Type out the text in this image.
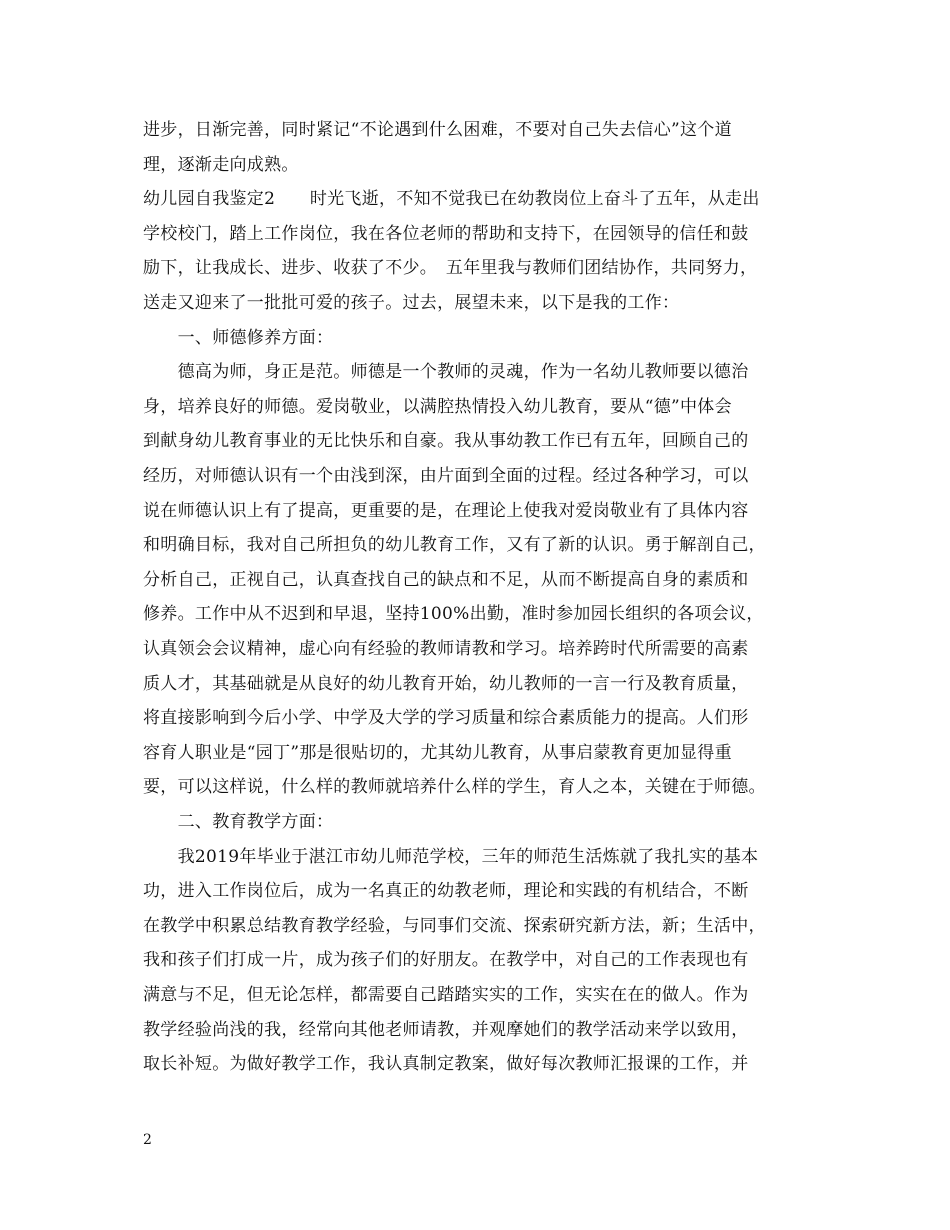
进步，日渐完善，同时紧记“不论遇到什么困难，不要对自己失去信心”这个道
理，逐渐走向成熟。
幼儿园自我鉴定2　　时光飞逝，不知不觉我已在幼教岗位上奋斗了五年，从走出
学校校门，踏上工作岗位，我在各位老师的帮助和支持下，在园领导的信任和鼓
励下，让我成长、进步、收获了不少。　五年里我与教师们团结协作，共同努力，
送走又迎来了一批批可爱的孩子。过去，展望未来，以下是我的工作：
　　一、师德修养方面：
　　德高为师，身正是范。师德是一个教师的灵魂，作为一名幼儿教师要以德治
身，培养良好的师德。爱岗敬业，以满腔热情投入幼儿教育，要从“德”中体会
到献身幼儿教育事业的无比快乐和自豪。我从事幼教工作已有五年，回顾自己的
经历，对师德认识有一个由浅到深，由片面到全面的过程。经过各种学习，可以
说在师德认识上有了提高，更重要的是，在理论上使我对爱岗敬业有了具体内容
和明确目标，我对自己所担负的幼儿教育工作，又有了新的认识。勇于解剖自己，
分析自己，正视自己，认真查找自己的缺点和不足，从而不断提高自身的素质和
修养。工作中从不迟到和早退，坚持100%出勤，准时参加园长组织的各项会议，
认真领会会议精神，虚心向有经验的教师请教和学习。培养跨时代所需要的高素
质人才，其基础就是从良好的幼儿教育开始，幼儿教师的一言一行及教育质量，
将直接影响到今后小学、中学及大学的学习质量和综合素质能力的提高。人们形
容育人职业是“园丁”那是很贴切的，尤其幼儿教育，从事启蒙教育更加显得重
要，可以这样说，什么样的教师就培养什么样的学生，育人之本，关键在于师德。
　　二、教育教学方面：
　　我2019年毕业于湛江市幼儿师范学校，三年的师范生活炼就了我扎实的基本
功，进入工作岗位后，成为一名真正的幼教老师，理论和实践的有机结合，不断
在教学中积累总结教育教学经验，与同事们交流、探索研究新方法，新；生活中，
我和孩子们打成一片，成为孩子们的好朋友。在教学中，对自己的工作表现也有
满意与不足，但无论怎样，都需要自己踏踏实实的工作，实实在在的做人。作为
教学经验尚浅的我，经常向其他老师请教，并观摩她们的教学活动来学以致用，
取长补短。为做好教学工作，我认真制定教案，做好每次教师汇报课的工作，并
2
